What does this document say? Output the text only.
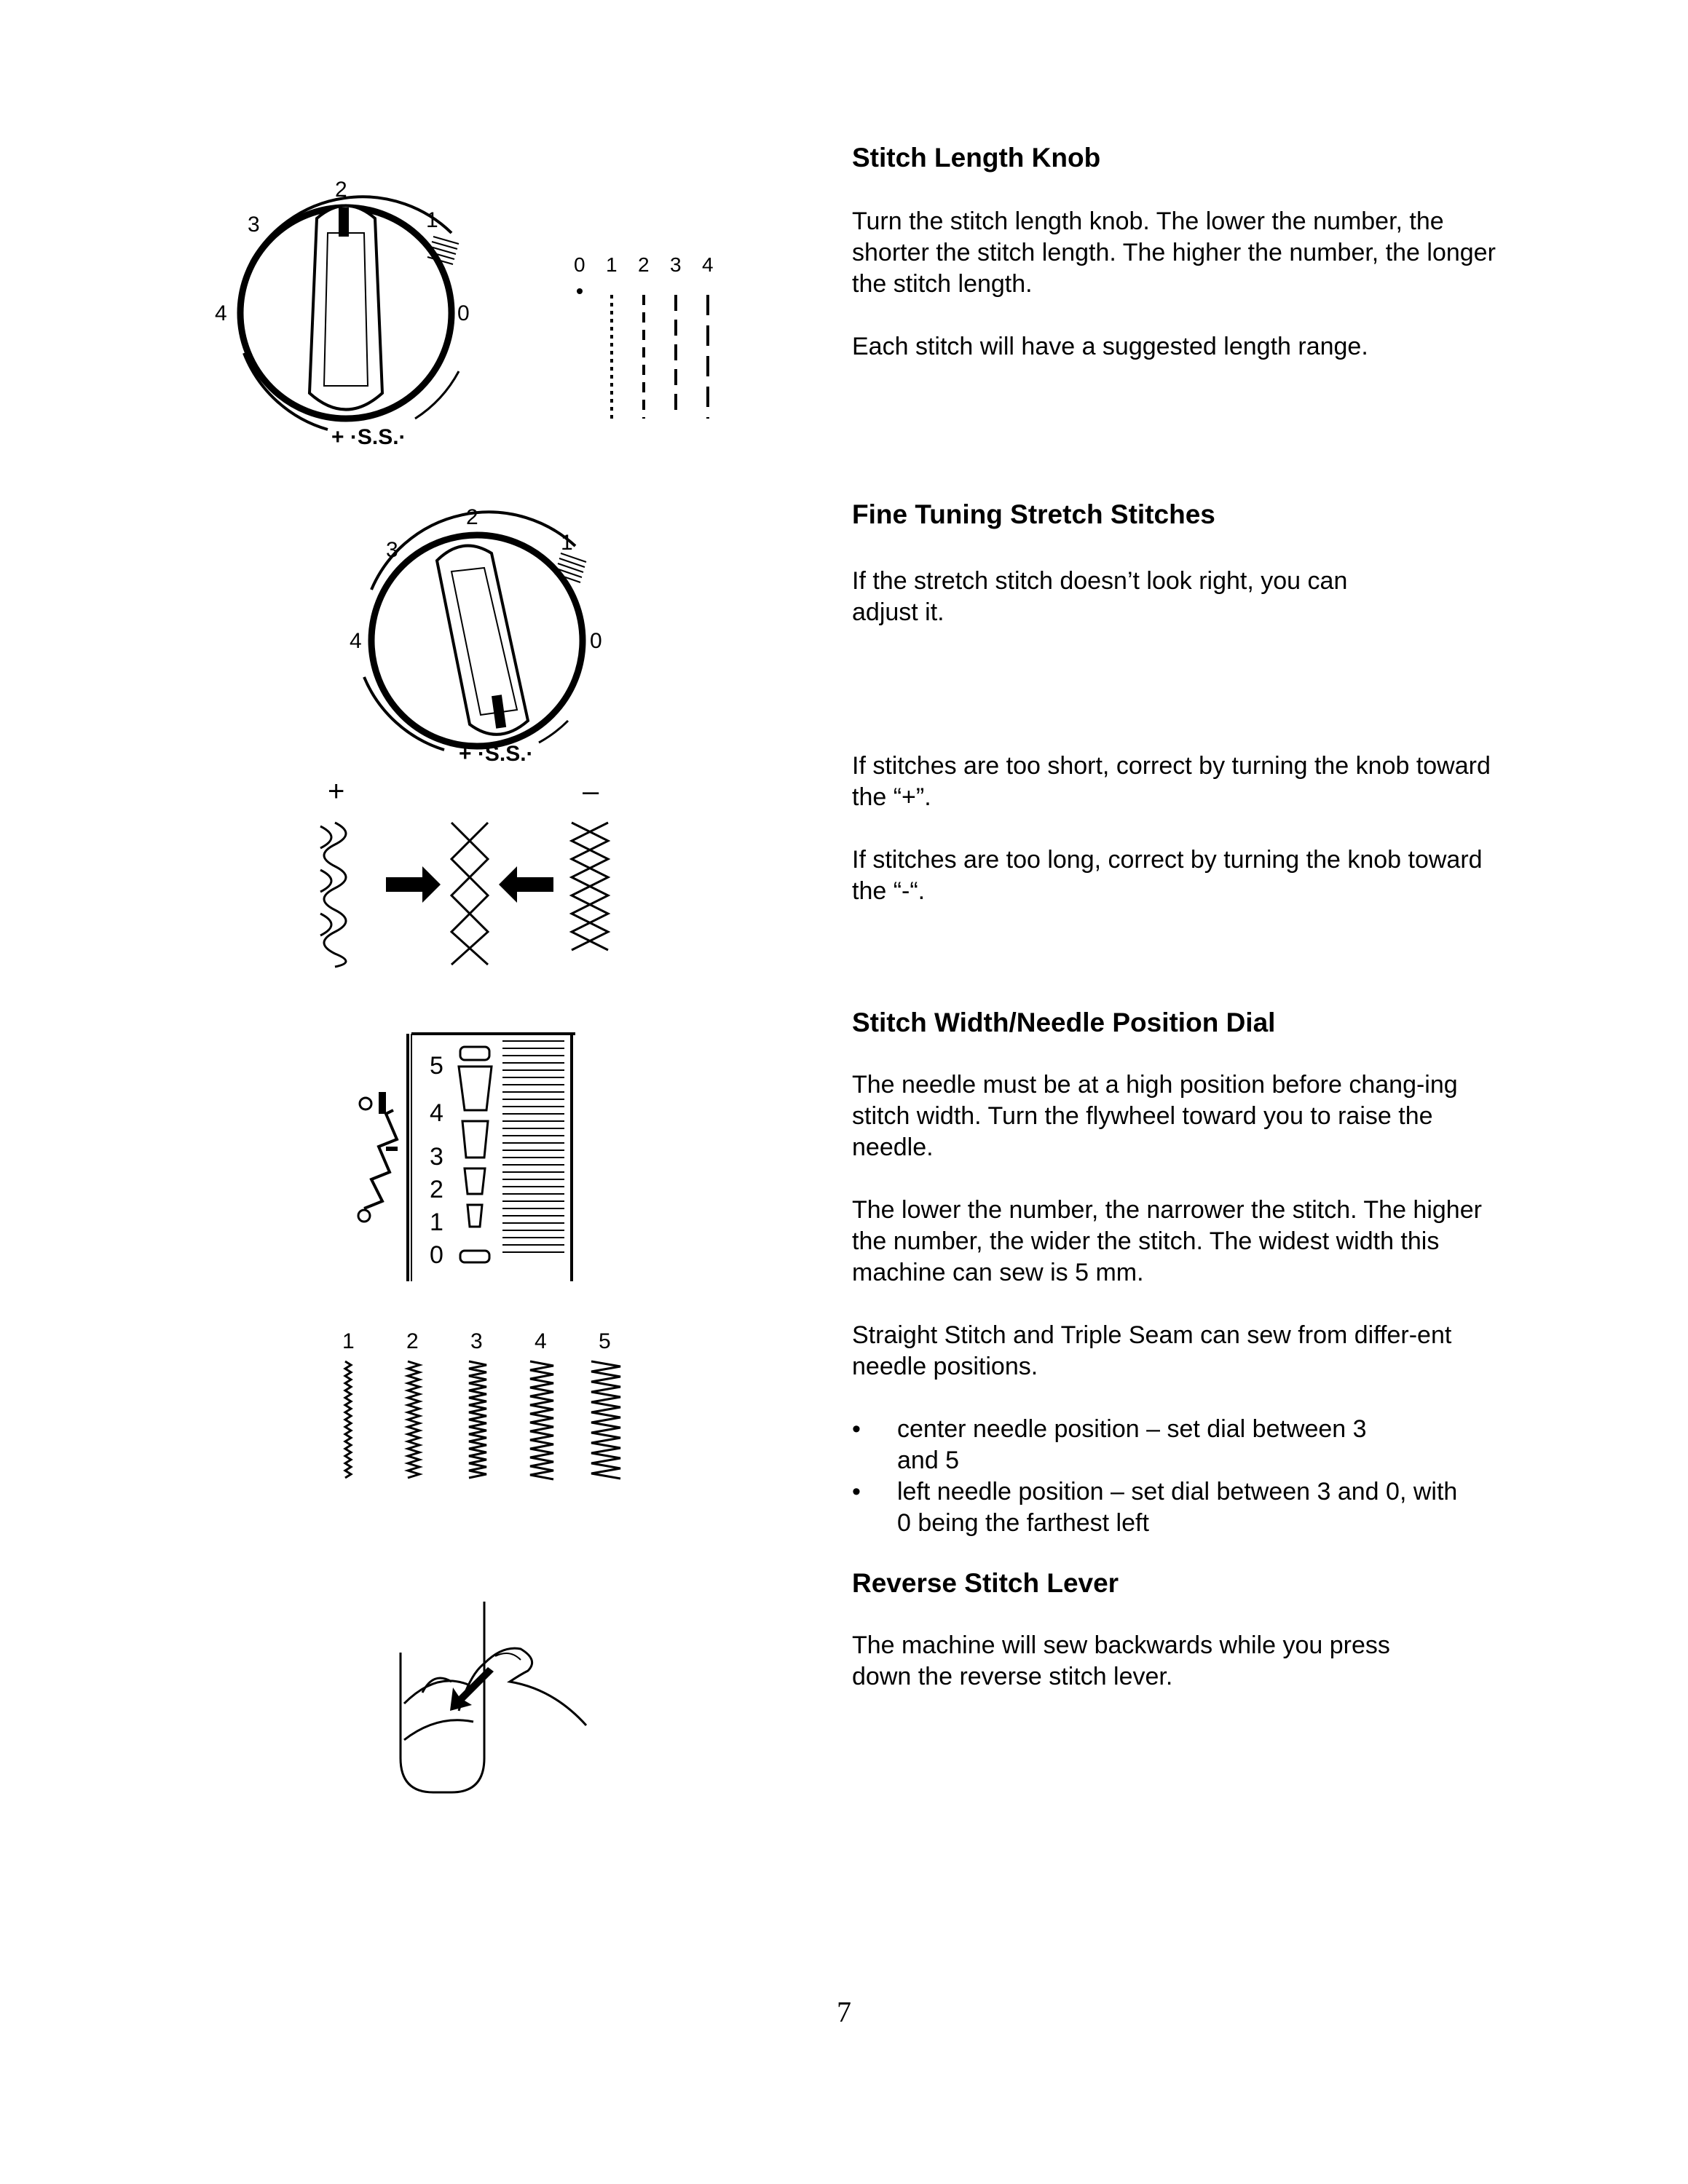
2
3	1
4	0
+ ·S.S.·
0 1 2 3 4
2
3	1
4	0
+ ·S.S.·
+	–
5
4
3
2
1
0
1 2 3 4 5
Stitch Length Knob

Turn the stitch length knob. The lower the number, the shorter the stitch length. The higher the number, the longer the stitch length.

Each stitch will have a suggested length range.

Fine Tuning Stretch Stitches

If the stretch stitch doesn’t look right, you can adjust it.

If stitches are too short, correct by turning the knob toward the “+”.

If stitches are too long, correct by turning the knob toward the “-“.

Stitch Width/Needle Position Dial

The needle must be at a high position before chang-ing stitch width. Turn the flywheel toward you to raise the needle.

The lower the number, the narrower the stitch. The higher the number, the wider the stitch. The widest width this machine can sew is 5 mm.

Straight Stitch and Triple Seam can sew from differ-ent needle positions.

• center needle position – set dial between 3 and 5
• left needle position – set dial between 3 and 0, with 0 being the farthest left
Reverse Stitch Lever

The machine will sew backwards while you press down the reverse stitch lever.

7
